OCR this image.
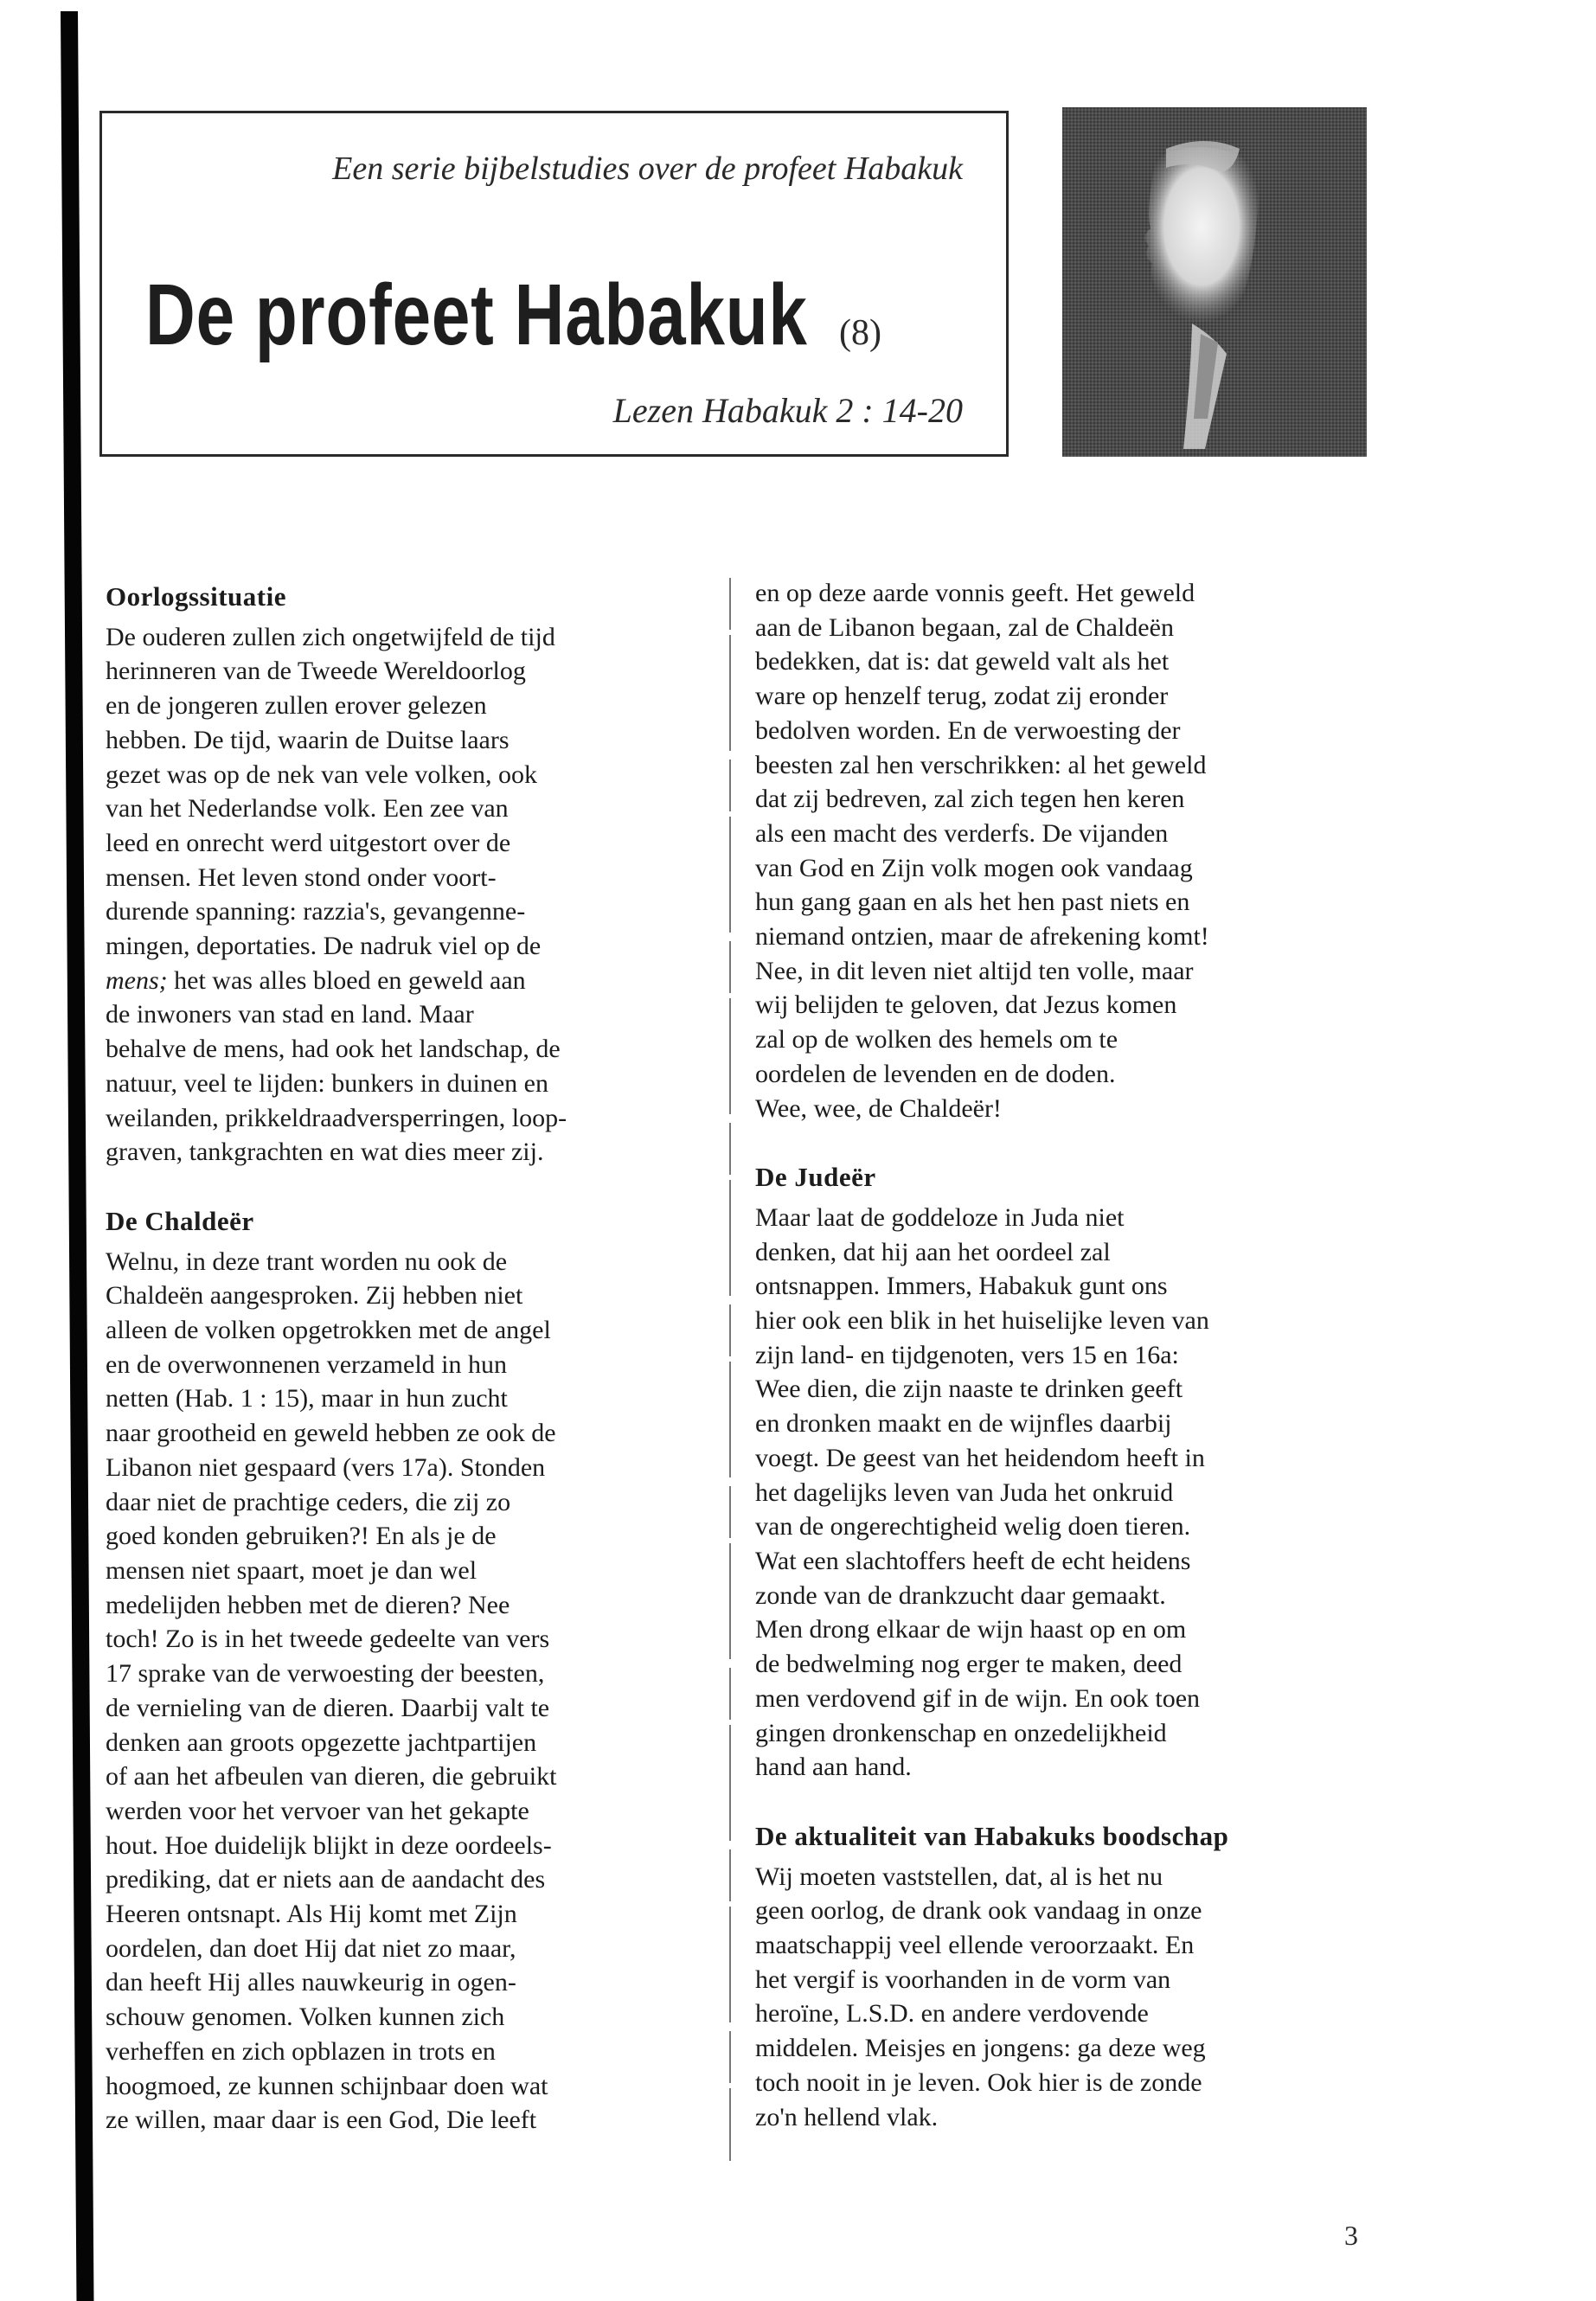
Een serie bijbelstudies over de profeet Habakuk
De profeet Habakuk (8)
Lezen Habakuk 2 : 14-20
Oorlogssituatie
De ouderen zullen zich ongetwijfeld de tijd
herinneren van de Tweede Wereldoorlog
en de jongeren zullen erover gelezen
hebben. De tijd, waarin de Duitse laars
gezet was op de nek van vele volken, ook
van het Nederlandse volk. Een zee van
leed en onrecht werd uitgestort over de
mensen. Het leven stond onder voort-
durende spanning: razzia's, gevangenne-
mingen, deportaties. De nadruk viel op de
mens; het was alles bloed en geweld aan
de inwoners van stad en land. Maar
behalve de mens, had ook het landschap, de
natuur, veel te lijden: bunkers in duinen en
weilanden, prikkeldraadversperringen, loop-
graven, tankgrachten en wat dies meer zij.
De Chaldeër
Welnu, in deze trant worden nu ook de
Chaldeën aangesproken. Zij hebben niet
alleen de volken opgetrokken met de angel
en de overwonnenen verzameld in hun
netten (Hab. 1 : 15), maar in hun zucht
naar grootheid en geweld hebben ze ook de
Libanon niet gespaard (vers 17a). Stonden
daar niet de prachtige ceders, die zij zo
goed konden gebruiken?! En als je de
mensen niet spaart, moet je dan wel
medelijden hebben met de dieren? Nee
toch! Zo is in het tweede gedeelte van vers
17 sprake van de verwoesting der beesten,
de vernieling van de dieren. Daarbij valt te
denken aan groots opgezette jachtpartijen
of aan het afbeulen van dieren, die gebruikt
werden voor het vervoer van het gekapte
hout. Hoe duidelijk blijkt in deze oordeels-
prediking, dat er niets aan de aandacht des
Heeren ontsnapt. Als Hij komt met Zijn
oordelen, dan doet Hij dat niet zo maar,
dan heeft Hij alles nauwkeurig in ogen-
schouw genomen. Volken kunnen zich
verheffen en zich opblazen in trots en
hoogmoed, ze kunnen schijnbaar doen wat
ze willen, maar daar is een God, Die leeft
en op deze aarde vonnis geeft. Het geweld
aan de Libanon begaan, zal de Chaldeën
bedekken, dat is: dat geweld valt als het
ware op henzelf terug, zodat zij eronder
bedolven worden. En de verwoesting der
beesten zal hen verschrikken: al het geweld
dat zij bedreven, zal zich tegen hen keren
als een macht des verderfs. De vijanden
van God en Zijn volk mogen ook vandaag
hun gang gaan en als het hen past niets en
niemand ontzien, maar de afrekening komt!
Nee, in dit leven niet altijd ten volle, maar
wij belijden te geloven, dat Jezus komen
zal op de wolken des hemels om te
oordelen de levenden en de doden.
Wee, wee, de Chaldeër!
De Judeër
Maar laat de goddeloze in Juda niet
denken, dat hij aan het oordeel zal
ontsnappen. Immers, Habakuk gunt ons
hier ook een blik in het huiselijke leven van
zijn land- en tijdgenoten, vers 15 en 16a:
Wee dien, die zijn naaste te drinken geeft
en dronken maakt en de wijnfles daarbij
voegt. De geest van het heidendom heeft in
het dagelijks leven van Juda het onkruid
van de ongerechtigheid welig doen tieren.
Wat een slachtoffers heeft de echt heidens
zonde van de drankzucht daar gemaakt.
Men drong elkaar de wijn haast op en om
de bedwelming nog erger te maken, deed
men verdovend gif in de wijn. En ook toen
gingen dronkenschap en onzedelijkheid
hand aan hand.
De aktualiteit van Habakuks boodschap
Wij moeten vaststellen, dat, al is het nu
geen oorlog, de drank ook vandaag in onze
maatschappij veel ellende veroorzaakt. En
het vergif is voorhanden in de vorm van
heroïne, L.S.D. en andere verdovende
middelen. Meisjes en jongens: ga deze weg
toch nooit in je leven. Ook hier is de zonde
zo'n hellend vlak.
3
